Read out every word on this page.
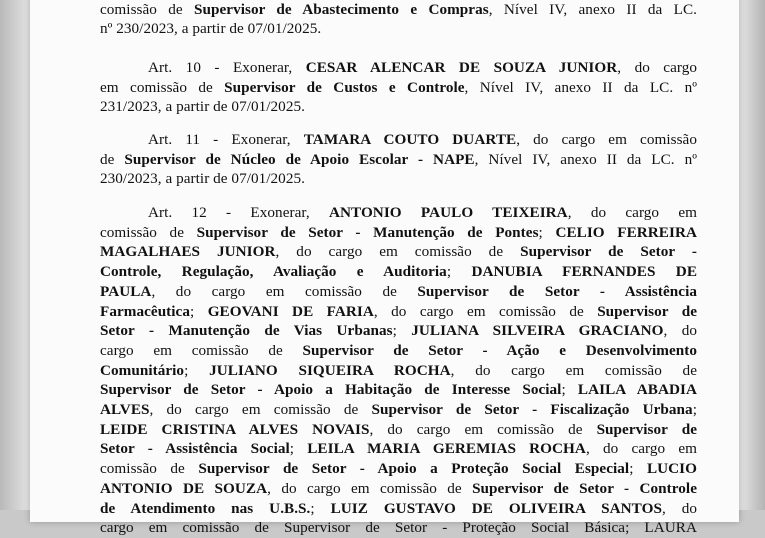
comissão de Supervisor de Abastecimento e Compras, Nível IV, anexo II da LC.
nº 230/2023, a partir de 07/01/2025.
Art. 10 - Exonerar, CESAR ALENCAR DE SOUZA JUNIOR, do cargo
em comissão de Supervisor de Custos e Controle, Nível IV, anexo II da LC. nº
231/2023, a partir de 07/01/2025.
Art. 11 - Exonerar, TAMARA COUTO DUARTE, do cargo em comissão
de Supervisor de Núcleo de Apoio Escolar - NAPE, Nível IV, anexo II da LC. nº
230/2023, a partir de 07/01/2025.
Art. 12 - Exonerar, ANTONIO PAULO TEIXEIRA, do cargo em
comissão de Supervisor de Setor - Manutenção de Pontes; CELIO FERREIRA
MAGALHAES JUNIOR, do cargo em comissão de Supervisor de Setor -
Controle, Regulação, Avaliação e Auditoria; DANUBIA FERNANDES DE
PAULA, do cargo em comissão de Supervisor de Setor - Assistência
Farmacêutica; GEOVANI DE FARIA, do cargo em comissão de Supervisor de
Setor - Manutenção de Vias Urbanas; JULIANA SILVEIRA GRACIANO, do
cargo em comissão de Supervisor de Setor - Ação e Desenvolvimento
Comunitário; JULIANO SIQUEIRA ROCHA, do cargo em comissão de
Supervisor de Setor - Apoio a Habitação de Interesse Social; LAILA ABADIA
ALVES, do cargo em comissão de Supervisor de Setor - Fiscalização Urbana;
LEIDE CRISTINA ALVES NOVAIS, do cargo em comissão de Supervisor de
Setor - Assistência Social; LEILA MARIA GEREMIAS ROCHA, do cargo em
comissão de Supervisor de Setor - Apoio a Proteção Social Especial; LUCIO
ANTONIO DE SOUZA, do cargo em comissão de Supervisor de Setor - Controle
de Atendimento nas U.B.S.; LUIZ GUSTAVO DE OLIVEIRA SANTOS, do
cargo em comissão de Supervisor de Setor - Proteção Social Básica; LAURA
